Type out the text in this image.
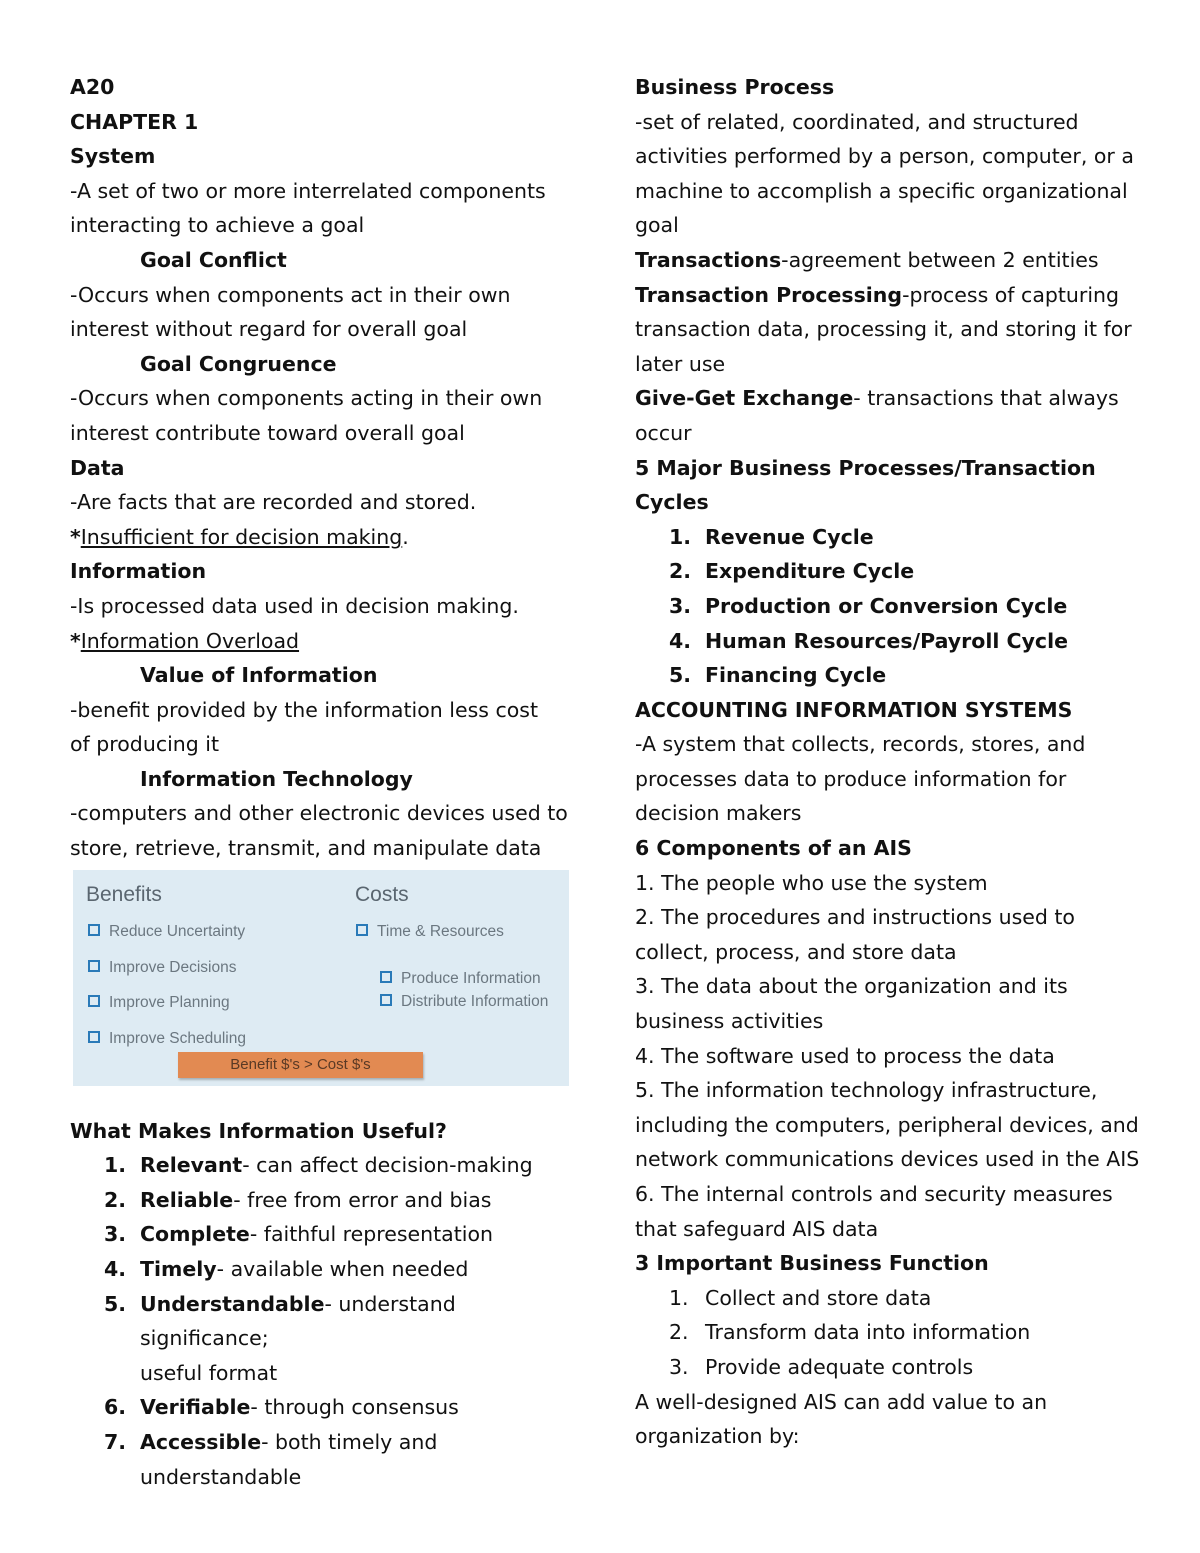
A20
CHAPTER 1
System
-A set of two or more interrelated components
interacting to achieve a goal
Goal Conflict
-Occurs when components act in their own
interest without regard for overall goal
Goal Congruence
-Occurs when components acting in their own
interest contribute toward overall goal
Data
-Are facts that are recorded and stored.
*Insufficient for decision making.
Information
-Is processed data used in decision making.
*Information Overload
Value of Information
-benefit provided by the information less cost
of producing it
Information Technology
-computers and other electronic devices used to
store, retrieve, transmit, and manipulate data
Benefits	Costs
Reduce Uncertainty
Improve Decisions
Improve Planning
Improve Scheduling
Time & Resources
Produce Information
Distribute Information
Benefit $'s > Cost $'s
What Makes Information Useful?
1. Relevant- can affect decision-making
2. Reliable- free from error and bias
3. Complete- faithful representation
4. Timely- available when needed
5. Understandable- understand significance;
useful format
6. Verifiable- through consensus
7. Accessible- both timely and
understandable
Business Process
-set of related, coordinated, and structured
activities performed by a person, computer, or a
machine to accomplish a specific organizational
goal
Transactions-agreement between 2 entities
Transaction Processing-process of capturing
transaction data, processing it, and storing it for
later use
Give-Get Exchange- transactions that always
occur
5 Major Business Processes/Transaction
Cycles
1. Revenue Cycle
2. Expenditure Cycle
3. Production or Conversion Cycle
4. Human Resources/Payroll Cycle
5. Financing Cycle
ACCOUNTING INFORMATION SYSTEMS
-A system that collects, records, stores, and
processes data to produce information for
decision makers
6 Components of an AIS
1. The people who use the system
2. The procedures and instructions used to
collect, process, and store data
3. The data about the organization and its
business activities
4. The software used to process the data
5. The information technology infrastructure,
including the computers, peripheral devices, and
network communications devices used in the AIS
6. The internal controls and security measures
that safeguard AIS data
3 Important Business Function
1. Collect and store data
2. Transform data into information
3. Provide adequate controls
A well-designed AIS can add value to an
organization by:
